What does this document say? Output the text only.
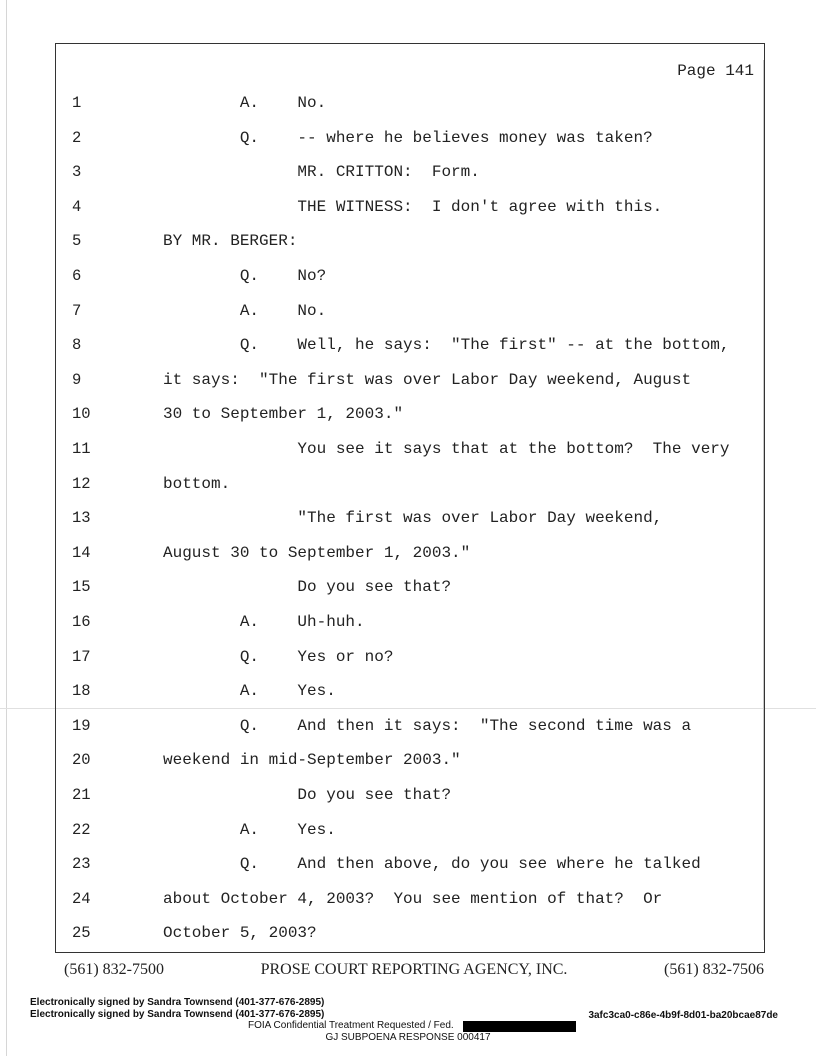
Page 141
1	A.    No.
2	Q.    -- where he believes money was taken?
3	MR. CRITTON:  Form.
4	THE WITNESS:  I don't agree with this.
5	BY MR. BERGER:
6	Q.    No?
7	A.    No.
8	Q.    Well, he says:  "The first" -- at the bottom,
9	it says:  "The first was over Labor Day weekend, August
10	30 to September 1, 2003."
11	You see it says that at the bottom?  The very
12	bottom.
13	"The first was over Labor Day weekend,
14	August 30 to September 1, 2003."
15	Do you see that?
16	A.    Uh-huh.
17	Q.    Yes or no?
18	A.    Yes.
19	Q.    And then it says:  "The second time was a
20	weekend in mid-September 2003."
21	Do you see that?
22	A.    Yes.
23	Q.    And then above, do you see where he talked
24	about October 4, 2003?  You see mention of that?  Or
25	October 5, 2003?
(561) 832-7500	PROSE COURT REPORTING AGENCY, INC.	(561) 832-7506
Electronically signed by Sandra Townsend (401-377-676-2895)
Electronically signed by Sandra Townsend (401-377-676-2895)	3afc3ca0-c86e-4b9f-8d01-ba20bcae87de
FOIA Confidential Treatment Requested / Fed.
GJ SUBPOENA RESPONSE 000417
